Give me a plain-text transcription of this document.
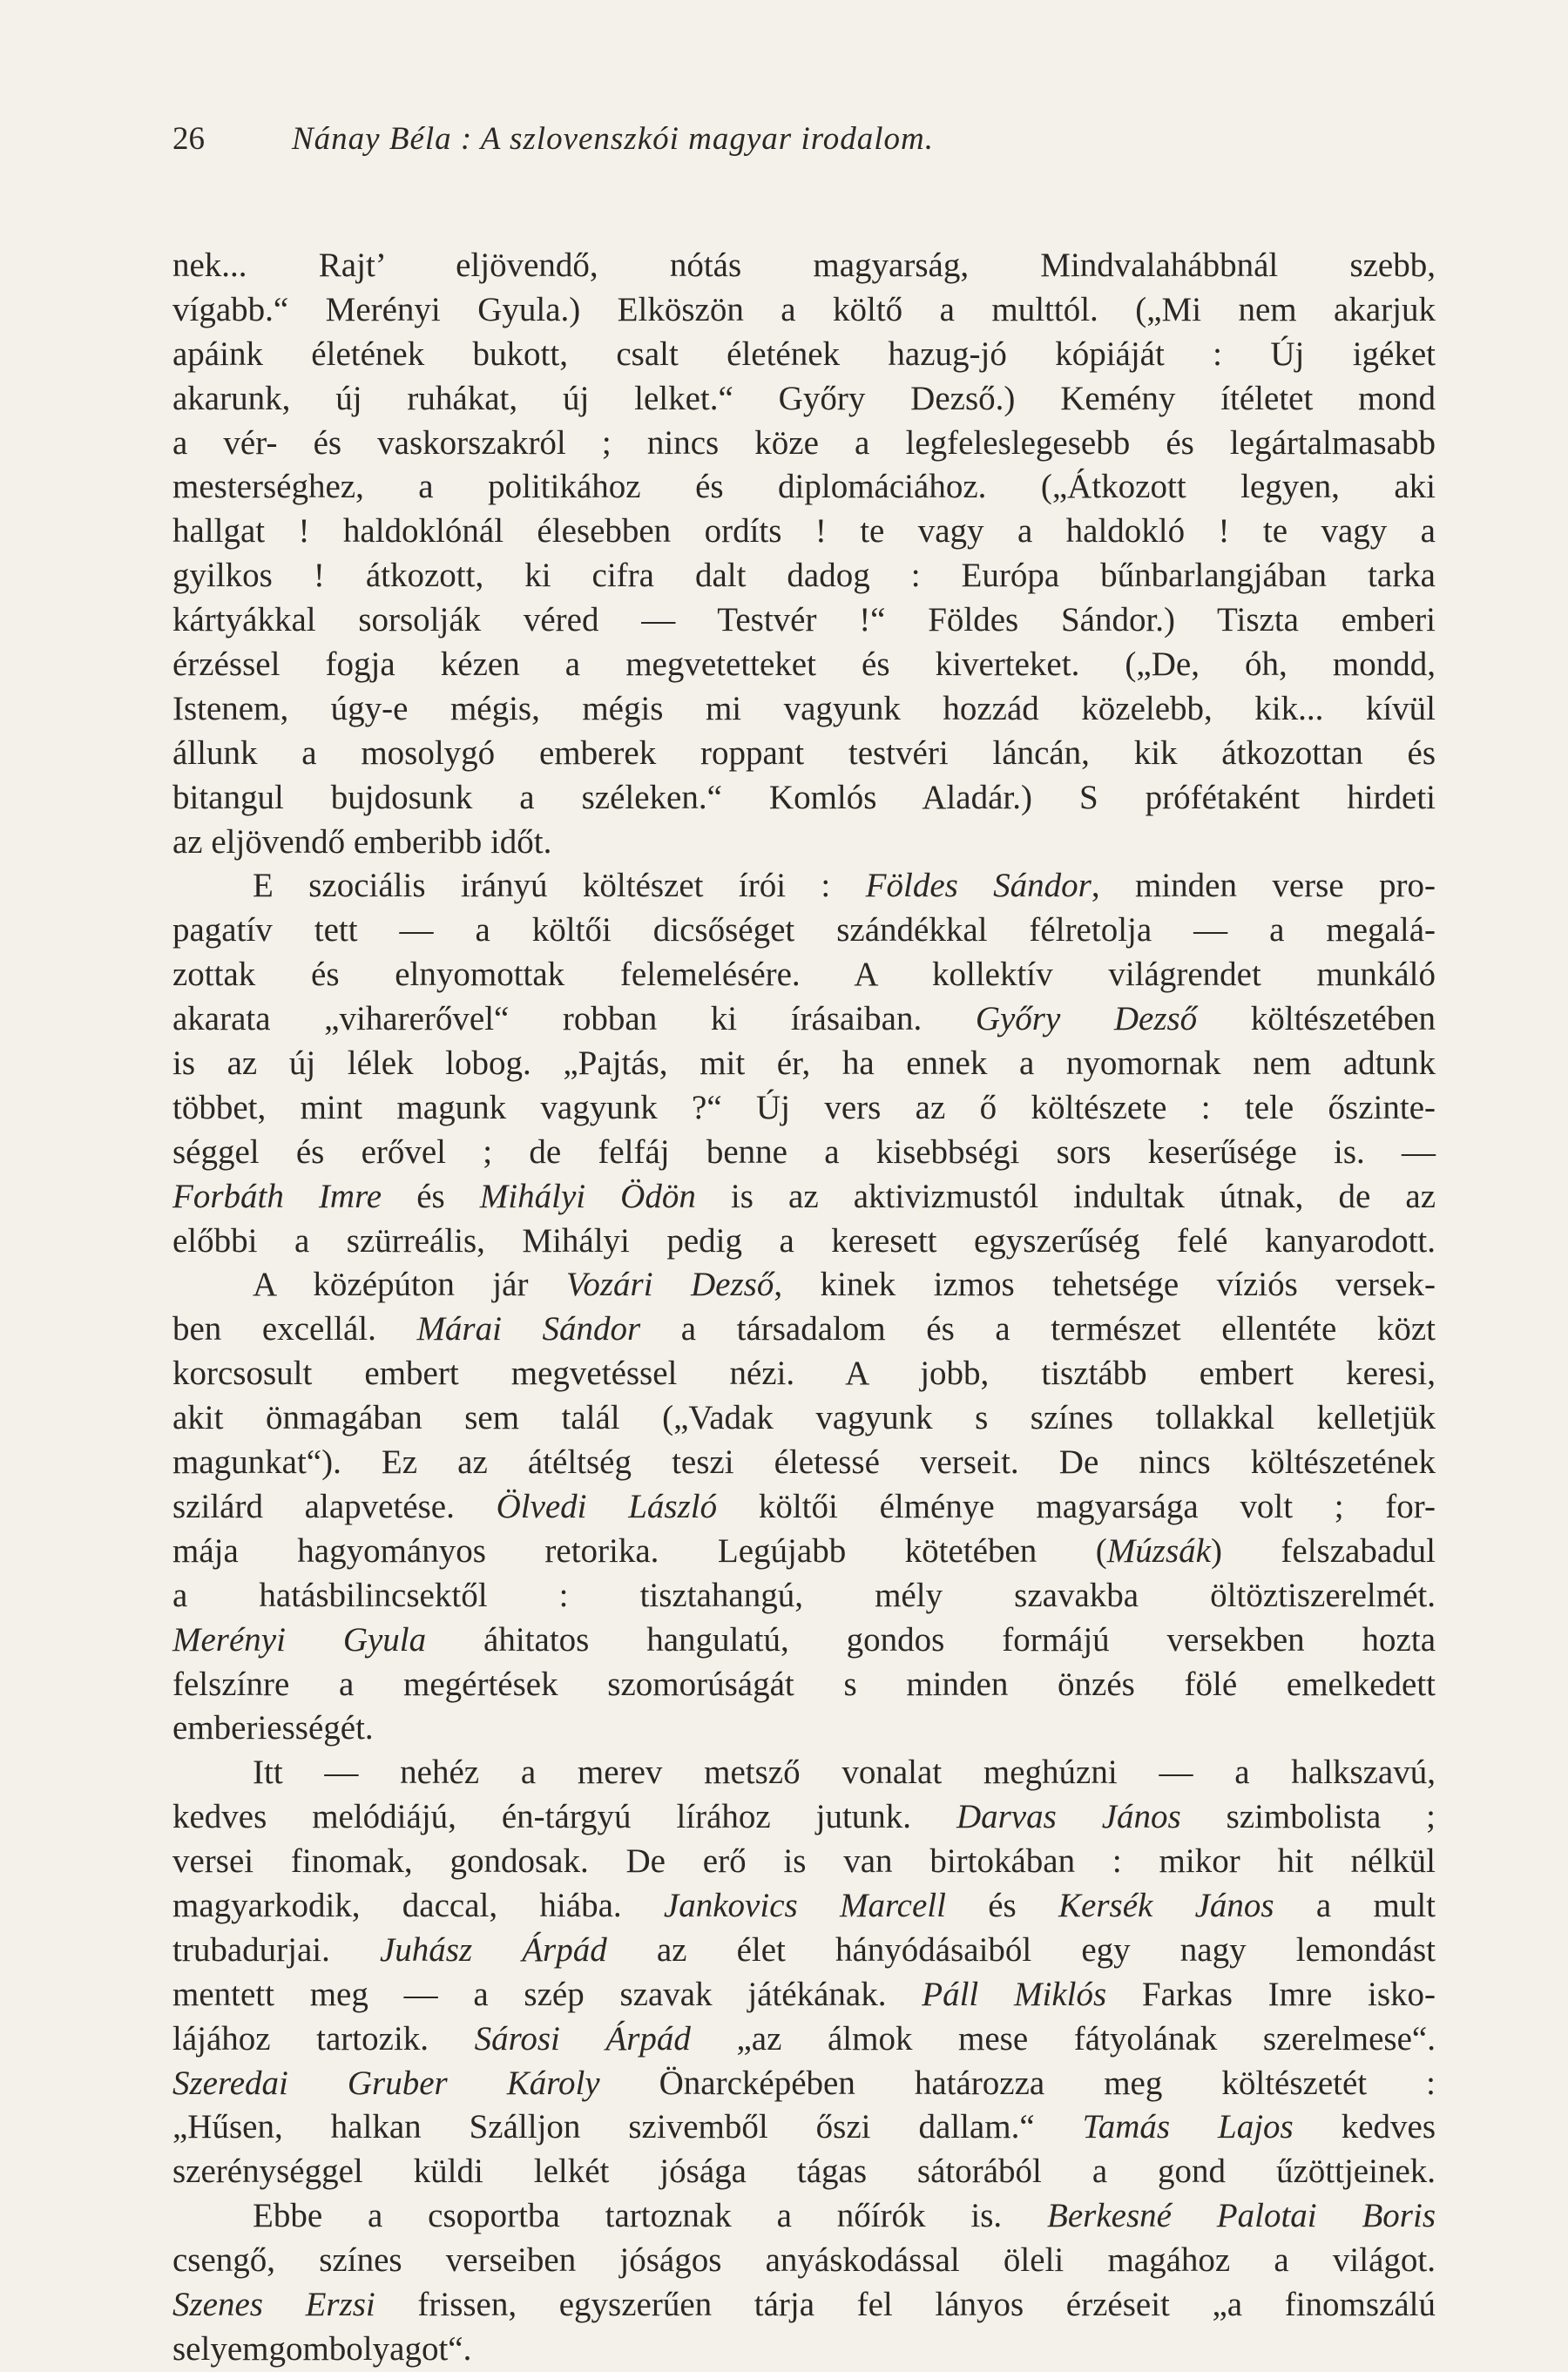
26	Nánay Béla : A szlovenszkói magyar irodalom.
nek... Rajt’ eljövendő, nótás magyarság, Mindvalahábbnál szebb,
vígabb.“ Merényi Gyula.) Elköszön a költő a multtól. („Mi nem akarjuk
apáink életének bukott, csalt életének hazug-jó kópiáját : Új igéket
akarunk, új ruhákat, új lelket.“ Győry Dezső.) Kemény ítéletet mond
a vér- és vaskorszakról ; nincs köze a legfeleslegesebb és legártalmasabb
mesterséghez, a politikához és diplomáciához. („Átkozott legyen, aki
hallgat ! haldoklónál élesebben ordíts ! te vagy a haldokló ! te vagy a
gyilkos ! átkozott, ki cifra dalt dadog : Európa bűnbarlangjában tarka
kártyákkal sorsolják véred — Testvér !“ Földes Sándor.) Tiszta emberi
érzéssel fogja kézen a megvetetteket és kiverteket. („De, óh, mondd,
Istenem, úgy-e mégis, mégis mi vagyunk hozzád közelebb, kik... kívül
állunk a mosolygó emberek roppant testvéri láncán, kik átkozottan és
bitangul bujdosunk a széleken.“ Komlós Aladár.) S prófétaként hirdeti
az eljövendő emberibb időt.
E szociális irányú költészet írói : Földes Sándor, minden verse pro-
pagatív tett — a költői dicsőséget szándékkal félretolja — a megalá-
zottak és elnyomottak felemelésére. A kollektív világrendet munkáló
akarata „viharerővel“ robban ki írásaiban. Győry Dezső költészetében
is az új lélek lobog. „Pajtás, mit ér, ha ennek a nyomornak nem adtunk
többet, mint magunk vagyunk ?“ Új vers az ő költészete : tele őszinte-
séggel és erővel ; de felfáj benne a kisebbségi sors keserűsége is. —
Forbáth Imre és Mihályi Ödön is az aktivizmustól indultak útnak, de az
előbbi a szürreális, Mihályi pedig a keresett egyszerűség felé kanyarodott.
A középúton jár Vozári Dezső, kinek izmos tehetsége víziós versek-
ben excellál. Márai Sándor a társadalom és a természet ellentéte közt
korcsosult embert megvetéssel nézi. A jobb, tisztább embert keresi,
akit önmagában sem talál („Vadak vagyunk s színes tollakkal kelletjük
magunkat“). Ez az átéltség teszi életessé verseit. De nincs költészetének
szilárd alapvetése. Ölvedi László költői élménye magyarsága volt ; for-
mája hagyományos retorika. Legújabb kötetében (Múzsák) felszabadul
a hatásbilincsektől : tisztahangú, mély szavakba öltöztiszerelmét.
Merényi Gyula áhitatos hangulatú, gondos formájú versekben hozta
felszínre a megértések szomorúságát s minden önzés fölé emelkedett
emberiességét.
Itt — nehéz a merev metsző vonalat meghúzni — a halkszavú,
kedves melódiájú, én-tárgyú lírához jutunk. Darvas János szimbolista ;
versei finomak, gondosak. De erő is van birtokában : mikor hit nélkül
magyarkodik, daccal, hiába. Jankovics Marcell és Kersék János a mult
trubadurjai. Juhász Árpád az élet hányódásaiból egy nagy lemondást
mentett meg — a szép szavak játékának. Páll Miklós Farkas Imre isko-
lájához tartozik. Sárosi Árpád „az álmok mese fátyolának szerelmese“.
Szeredai Gruber Károly Önarcképében határozza meg költészetét :
„Hűsen, halkan Szálljon szivemből őszi dallam.“ Tamás Lajos kedves
szerénységgel küldi lelkét jósága tágas sátorából a gond űzöttjeinek.
Ebbe a csoportba tartoznak a nőírók is. Berkesné Palotai Boris
csengő, színes verseiben jóságos anyáskodással öleli magához a világot.
Szenes Erzsi frissen, egyszerűen tárja fel lányos érzéseit „a finomszálú
selyemgombolyagot“.
